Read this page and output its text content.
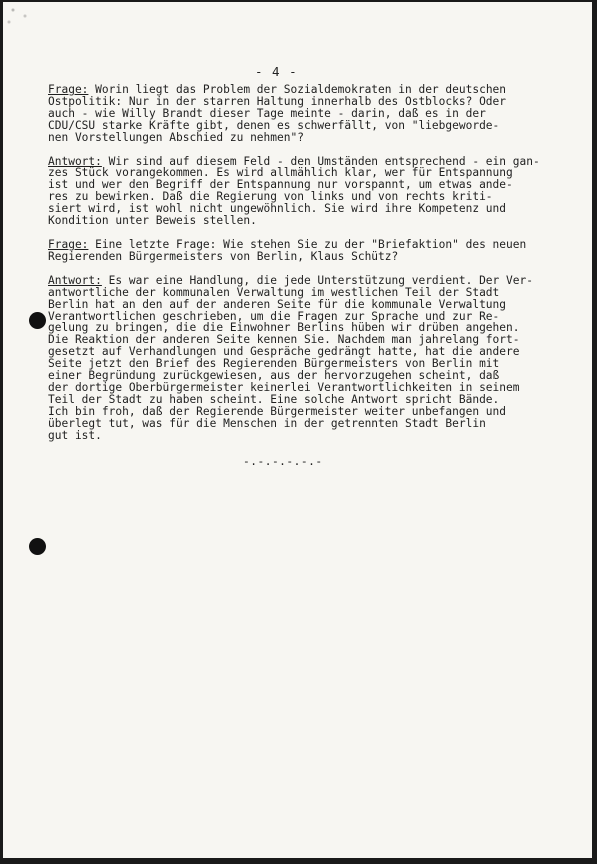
- 4 -
Frage: Worin liegt das Problem der Sozialdemokraten in der deutschen
Ostpolitik: Nur in der starren Haltung innerhalb des Ostblocks? Oder
auch - wie Willy Brandt dieser Tage meinte - darin, daß es in der
CDU/CSU starke Kräfte gibt, denen es schwerfällt, von "liebgeworde-
nen Vorstellungen Abschied zu nehmen"?
Antwort: Wir sind auf diesem Feld - den Umständen entsprechend - ein gan-
zes Stück vorangekommen. Es wird allmählich klar, wer für Entspannung
ist und wer den Begriff der Entspannung nur vorspannt, um etwas ande-
res zu bewirken. Daß die Regierung von links und von rechts kriti-
siert wird, ist wohl nicht ungewöhnlich. Sie wird ihre Kompetenz und
Kondition unter Beweis stellen.
Frage: Eine letzte Frage: Wie stehen Sie zu der "Briefaktion" des neuen
Regierenden Bürgermeisters von Berlin, Klaus Schütz?
Antwort: Es war eine Handlung, die jede Unterstützung verdient. Der Ver-
antwortliche der kommunalen Verwaltung im westlichen Teil der Stadt
Berlin hat an den auf der anderen Seite für die kommunale Verwaltung
Verantwortlichen geschrieben, um die Fragen zur Sprache und zur Re-
gelung zu bringen, die die Einwohner Berlins hüben wir drüben angehen.
Die Reaktion der anderen Seite kennen Sie. Nachdem man jahrelang fort-
gesetzt auf Verhandlungen und Gespräche gedrängt hatte, hat die andere
Seite jetzt den Brief des Regierenden Bürgermeisters von Berlin mit
einer Begründung zurückgewiesen, aus der hervorzugehen scheint, daß
der dortige Oberbürgermeister keinerlei Verantwortlichkeiten in seinem
Teil der Stadt zu haben scheint. Eine solche Antwort spricht Bände.
Ich bin froh, daß der Regierende Bürgermeister weiter unbefangen und
überlegt tut, was für die Menschen in der getrennten Stadt Berlin
gut ist.
-.-.-.-.-.-
